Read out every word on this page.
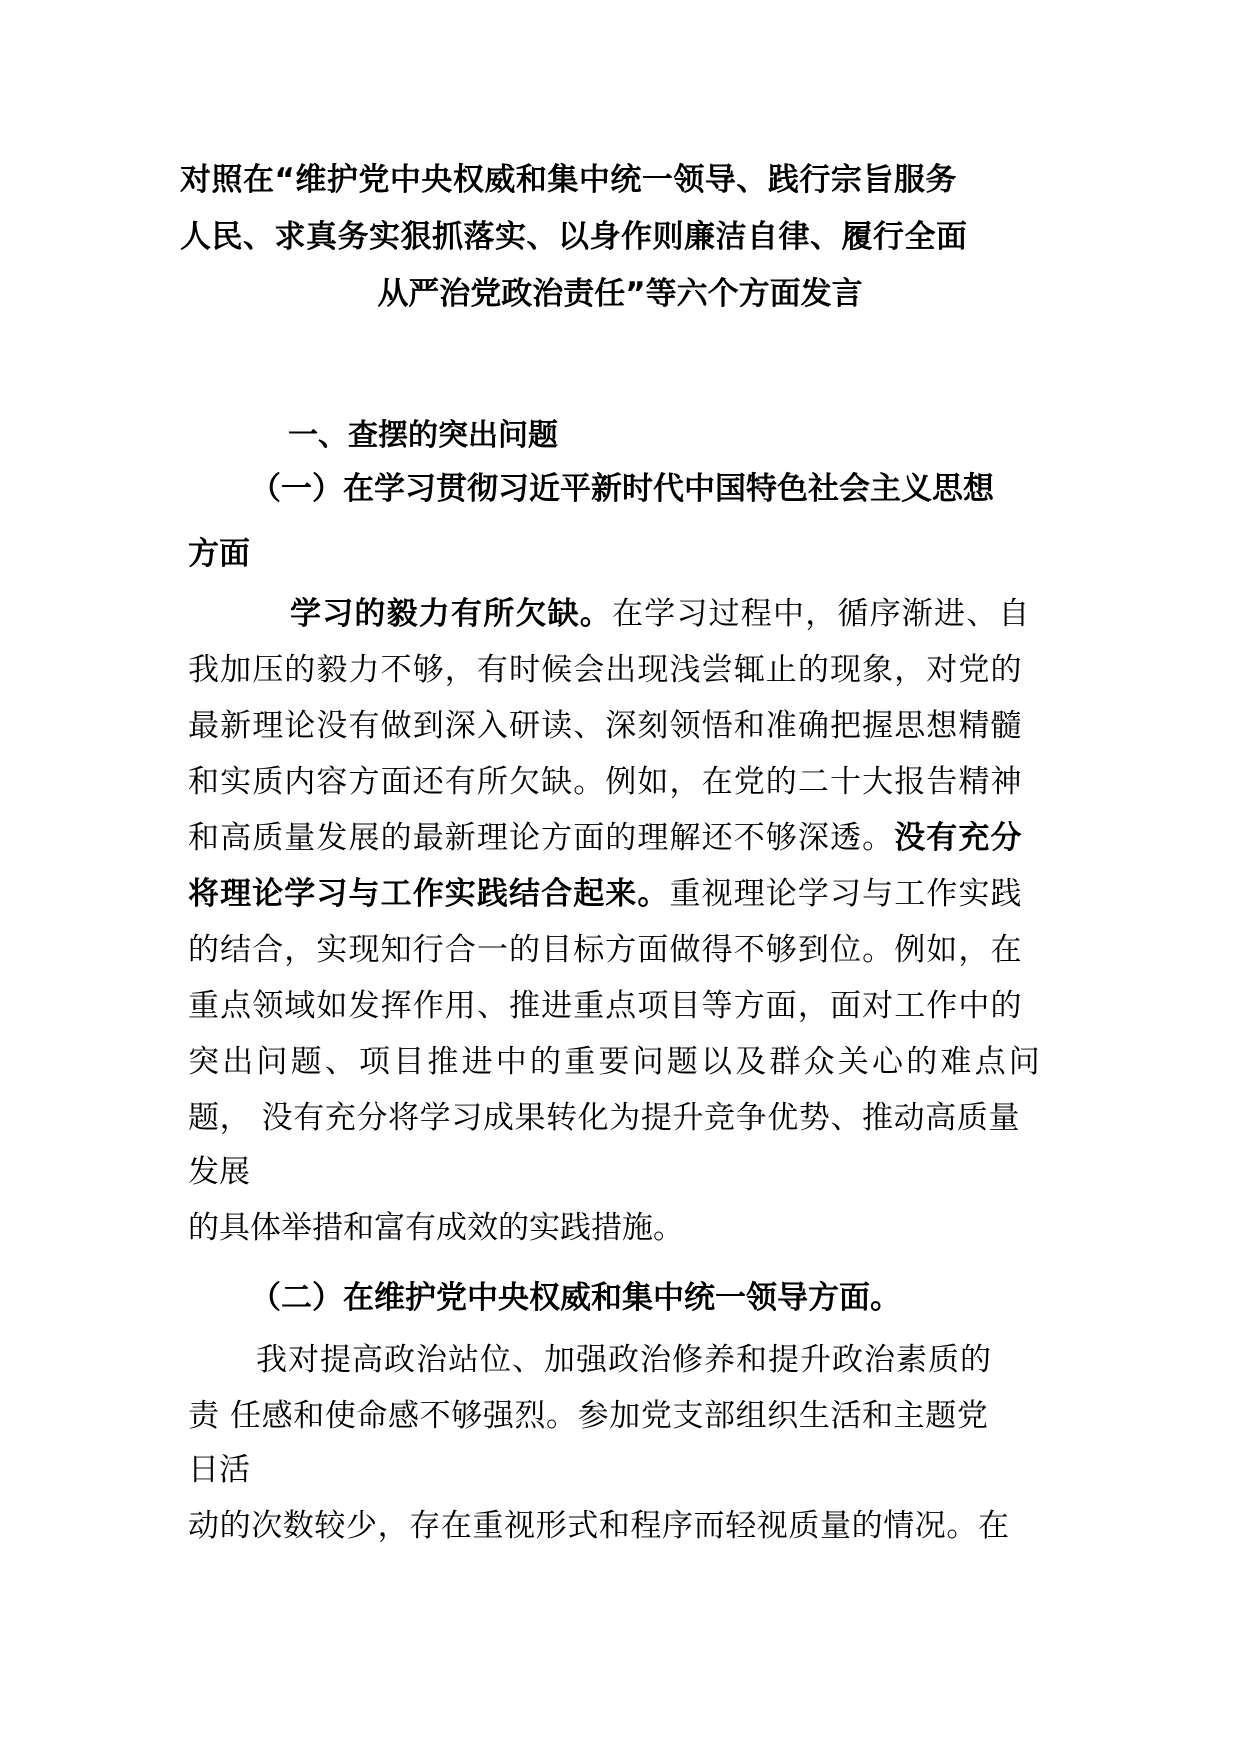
对照在“维护党中央权威和集中统一领导、践行宗旨服务
人民、求真务实狠抓落实、以身作则廉洁自律、履行全面
从严治党政治责任”等六个方面发言
一、查摆的突出问题
（一）在学习贯彻习近平新时代中国特色社会主义思想
方面
学习的毅力有所欠缺。在学习过程中，循序渐进、自
我加压的毅力不够，有时候会出现浅尝辄止的现象，对党的
最新理论没有做到深入研读、深刻领悟和准确把握思想精髓
和实质内容方面还有所欠缺。例如，在党的二十大报告精神
和高质量发展的最新理论方面的理解还不够深透。没有充分
将理论学习与工作实践结合起来。重视理论学习与工作实践
的结合，实现知行合一的目标方面做得不够到位。例如，在
重点领域如发挥作用、推进重点项目等方面，面对工作中的
突出问题、项目推进中的重要问题以及群众关心的难点问
题， 没有充分将学习成果转化为提升竞争优势、推动高质量
发展
的具体举措和富有成效的实践措施。
（二）在维护党中央权威和集中统一领导方面。
我对提高政治站位、加强政治修养和提升政治素质的
责 任感和使命感不够强烈。参加党支部组织生活和主题党
日活
动的次数较少，存在重视形式和程序而轻视质量的情况。在
